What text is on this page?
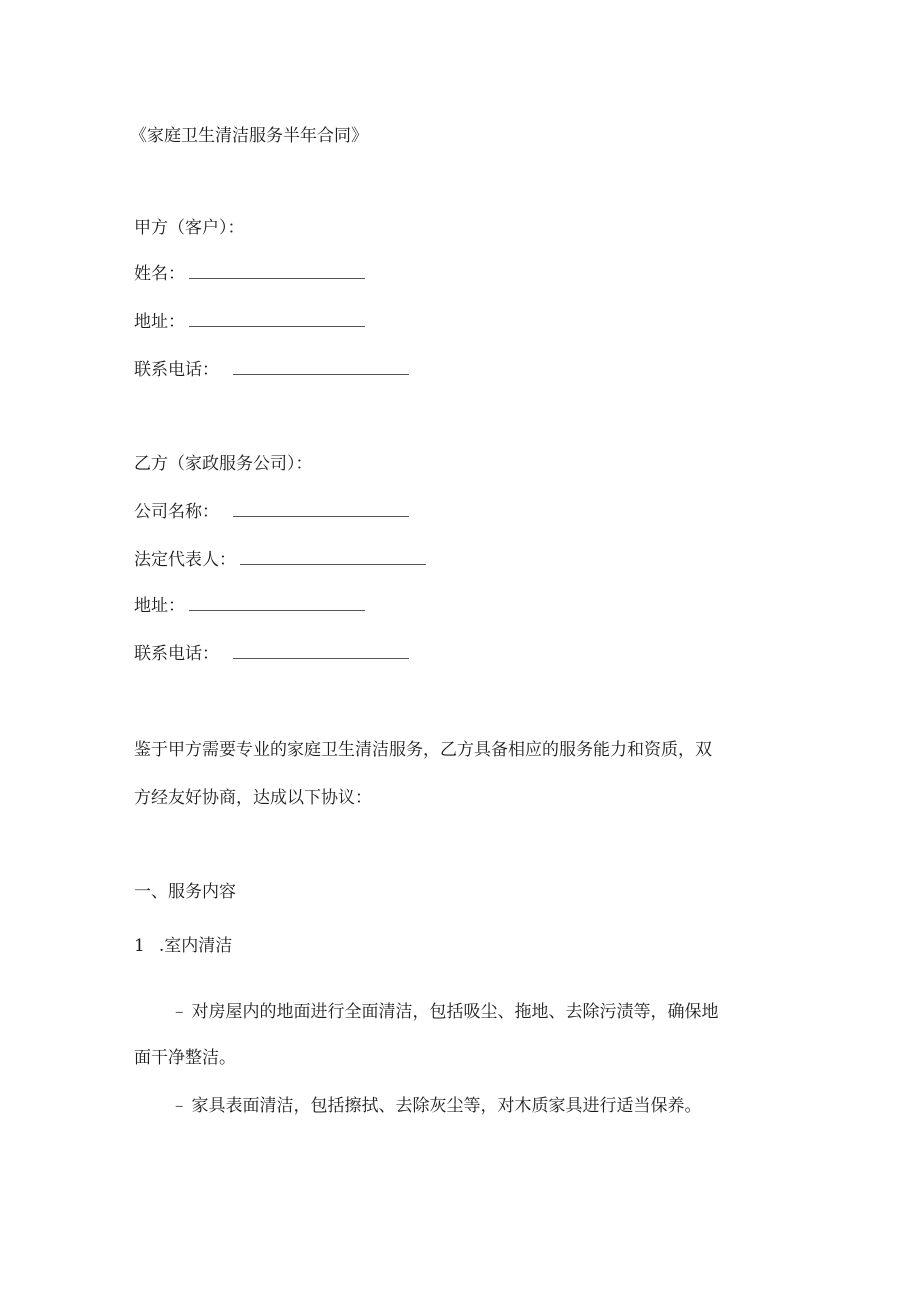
《家庭卫生清洁服务半年合同》
甲方（客户）：
姓名：
地址：
联系电话：
乙方（家政服务公司）：
公司名称：
法定代表人：
地址：
联系电话：
鉴于甲方需要专业的家庭卫生清洁服务，乙方具备相应的服务能力和资质，双
方经友好协商，达成以下协议：
一、服务内容
1 .室内清洁
– 对房屋内的地面进行全面清洁，包括吸尘、拖地、去除污渍等，确保地
面干净整洁。
– 家具表面清洁，包括擦拭、去除灰尘等，对木质家具进行适当保养。
